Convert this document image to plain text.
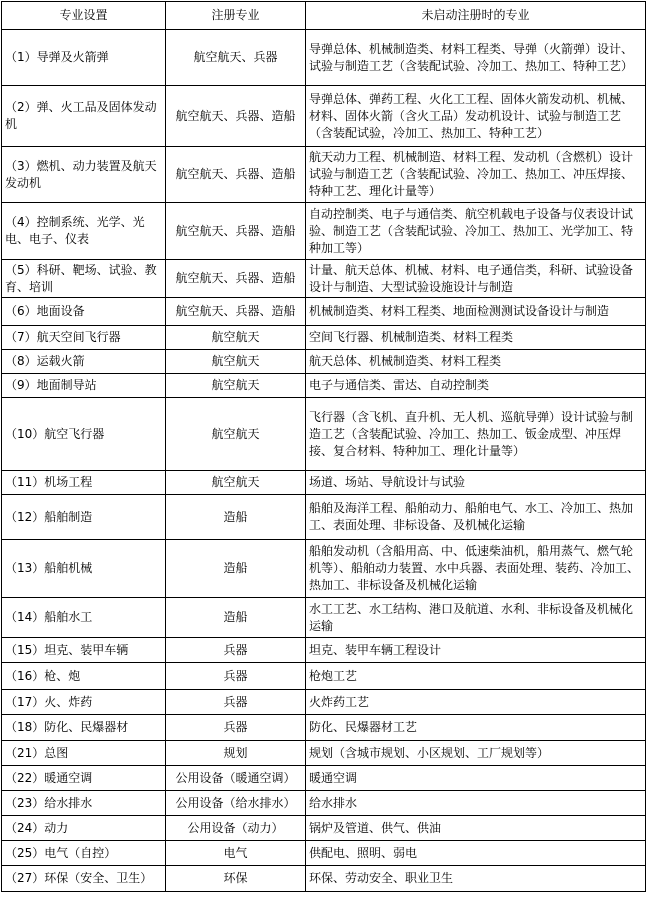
专业设置	注册专业	未启动注册时的专业
（1）导弹及火箭弹	航空航天、兵器	导弹总体、机械制造类、材料工程类、导弹（火箭弹）设计、试验与制造工艺（含装配试验、冷加工、热加工、特种工艺）
（2）弹、火工品及固体发动机	航空航天、兵器、造船	导弹总体、弹药工程、火化工工程、固体火箭发动机、机械、材料、固体火箭（含火工品）发动机设计、试验与制造工艺（含装配试验，冷加工、热加工、特种工艺）
（3）燃机、动力装置及航天发动机	航空航天、兵器、造船	航天动力工程、机械制造、材料工程、发动机（含燃机）设计试验与制造工艺（含装配试验、冷加工、热加工、冲压焊接、特种工艺、理化计量等）
（4）控制系统、光学、光电、电子、仪表	航空航天、兵器、造船	自动控制类、电子与通信类、航空机载电子设备与仪表设计试验、制造工艺（含装配试验、冷加工、热加工、光学加工、特种加工等）
（5）科研、靶场、试验、教育、培训	航空航天、兵器、造船	计量、航天总体、机械、材料、电子通信类，科研、试验设备设计与制造、大型试验设施设计与制造
（6）地面设备	航空航天、兵器、造船	机械制造类、材料工程类、地面检测测试设备设计与制造
（7）航天空间飞行器	航空航天	空间飞行器、机械制造类、材料工程类
（8）运载火箭	航空航天	航天总体、机械制造类、材料工程类
（9）地面制导站	航空航天	电子与通信类、雷达、自动控制类
（10）航空飞行器	航空航天	飞行器（含飞机、直升机、无人机、巡航导弹）设计试验与制造工艺（含装配试验、冷加工、热加工、钣金成型、冲压焊接、复合材料、特种加工、理化计量等）
（11）机场工程	航空航天	场道、场站、导航设计与试验
（12）船舶制造	造船	船舶及海洋工程、船舶动力、船舶电气、水工、冷加工、热加工、表面处理、非标设备、及机械化运输
（13）船舶机械	造船	船舶发动机（含船用高、中、低速柴油机，船用蒸气、燃气轮机等）、船舶动力装置、水中兵器、表面处理、装药、冷加工、热加工、非标设备及机械化运输
（14）船舶水工	造船	水工工艺、水工结构、港口及航道、水利、非标设备及机械化运输
（15）坦克、装甲车辆	兵器	坦克、装甲车辆工程设计
（16）枪、炮	兵器	枪炮工艺
（17）火、炸药	兵器	火炸药工艺
（18）防化、民爆器材	兵器	防化、民爆器材工艺
（21）总图	规划	规划（含城市规划、小区规划、工厂规划等）
（22）暖通空调	公用设备（暖通空调）	暖通空调
（23）给水排水	公用设备（给水排水）	给水排水
（24）动力	公用设备（动力）	锅炉及管道、供气、供油
（25）电气（自控）	电气	供配电、照明、弱电
（27）环保（安全、卫生）	环保	环保、劳动安全、职业卫生
